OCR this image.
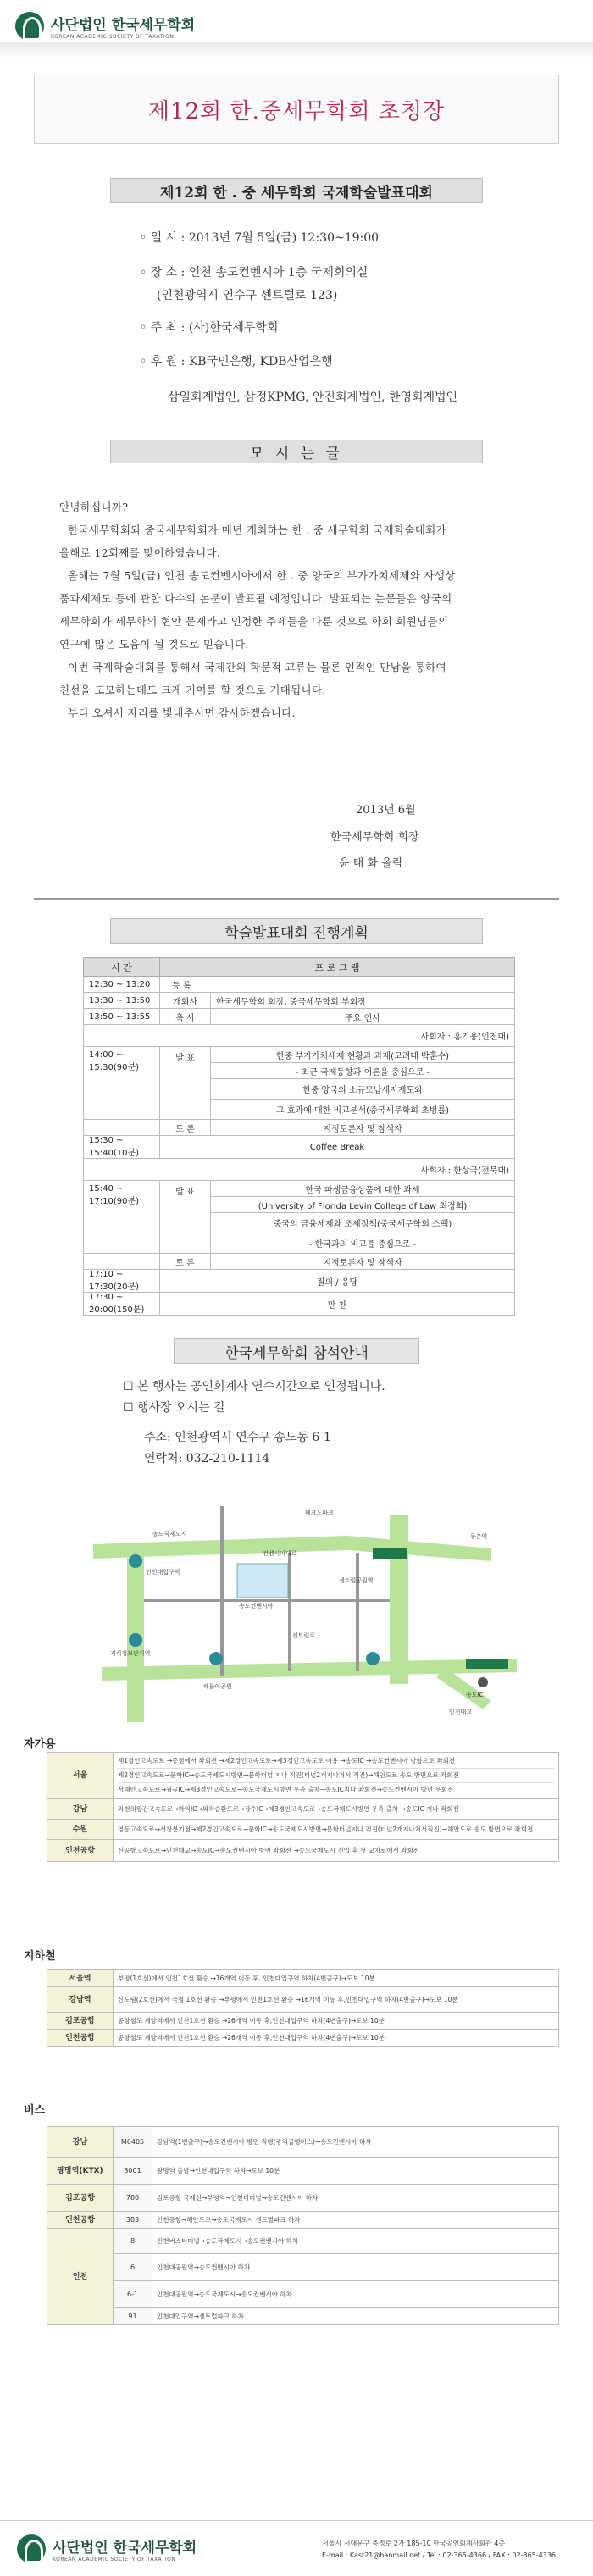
사단법인 한국세무학회
KOREAN ACADEMIC SOCIETY OF TAXATION
제12회 한.중세무학회 초청장
제12회 한 . 중 세무학회 국제학술발표대회
◦ 일 시 : 2013년 7월 5일(금) 12:30~19:00
◦ 장 소 : 인천 송도컨벤시아 1층 국제회의실
(인천광역시 연수구 센트럴로 123)
◦ 주 최 : (사)한국세무학회
◦ 후 원 : KB국민은행, KDB산업은행
삼일회계법인, 삼정KPMG, 안진회계법인, 한영회계법인
모 시 는 글
안녕하십니까?
한국세무학회와 중국세무학회가 매년 개최하는 한 . 중 세무학회 국제학술대회가
올해로 12회째를 맞이하였습니다.
올해는 7월 5일(금) 인천 송도컨벤시아에서 한 . 중 양국의 부가가치세제와 사생상
품과세제도 등에 관한 다수의 논문이 발표될 예정입니다. 발표되는 논문들은 양국의
세무학회가 세무학의 현안 문제라고 인정한 주제들을 다룬 것으로 학회 회원님들의
연구에 많은 도움이 될 것으로 믿습니다.
이번 국제학술대회를 통해서 국제간의 학문적 교류는 물론 인적인 만남을 통하여
친선을 도모하는데도 크게 기여를 할 것으로 기대됩니다.
부디 오셔서 자리를 빛내주시면 감사하겠습니다.
2013년 6월
한국세무학회 회장
윤 태 화 올림
학술발표대회 진행계획
시 간	프 로 그 램	
12:30 ~ 13:20	등 록	
13:30 ~ 13:50	개회사	한국세무학회 회장, 중국세무학회 부회장
13:50 ~ 13:55	축 사	주요 인사
사회자 : 홍기용(인천대)		
14:00 ~ 15:30(90분)	발 표	한중 부가가치세제 현황과 과제(고려대 박훈수)
		- 최근 국제동향과 이론을 중심으로 -
		한중 양국의 소규모납세자제도와
		그 효과에 대한 비교분석(중국세무학회 초빙률)
	토 론	지정토론자 및 참석자
15:30 ~ 15:40(10분)	Coffee Break	
사회자 : 한상국(전북대)		
15:40 ~ 17:10(90분)	발 표	한국 파생금융상품에 대한 과세
		(University of Florida Levin College of Law 최정희)
		중국의 금융세제와 조세정책(중국세무학회 스팩)
		- 한국과의 비교를 중심으로 -
	토 론	지정토론자 및 참석자
17:10 ~ 17:30(20분)	질의 / 응답	
17:30 ~ 20:00(150분)	만 찬	
한국세무학회 참석안내
☐ 본 행사는 공인회계사 연수시간으로 인정됩니다.
☐ 행사장 오시는 길
주소: 인천광역시 연수구 송도동 6-1
연락처: 032-210-1114
송도국제도시
인천대입구역
테크노파크
센트럴공원역
송도컨벤시아
지식정보단지역
송도IC
컨벤시아대로
센트럴로
인천대교
해돋이공원
동춘역
자가용
서울	제1경인고속도로 →종점에서 좌회전 →제2경인고속도로→제3경인고속도로 이용 →송도IC →송도컨벤시아 방향으로 좌회전
제2경인고속도로→문학IC→송도국제도시방면→문학터널 지나 직진(터널2개지나쳐서 직진)→해안도로 송도 방면으로 좌회전
서해안고속도로→월곶IC→제3경인고속도로→송도국제도시방면 우측 출차→송도IC지나 좌회전→송도컨벤시아 방면 우회전

강남	과천의왕간고속도로→학익IC→외곽순환도로→장수IC→제3경인고속도로→송도국제도시방면 우측 출차 →송도IC 지나 좌회전
수원	영동고속도로→서창분기점→제2경인고속도로→문학IC→송도국제도시방면→문학터널지나 직진(터널2개지나쳐서직진)→해안도로 송도 방면으로 좌회전
인천공항	신공항고속도로→인천대교→송도IC→송도컨벤시아 방면 좌회전 →송도국제도시 진입 후 첫 교차로에서 좌회전
지하철
서울역	부평(1호선)에서 인천1호선 환승 →16개역 이동 후, 인천대입구역 하차(4번출구)→도보 10분
강남역	신도림(2호선)에서 국철 1호선 환승 →부평에서 인천1호선 환승 →16개역 이동 후,인천대입구역 하차(4번출구)→도보 10분
김포공항	공항철도 계양역에서 인천1호선 환승 →26개역 이동 후,인천대입구역 하차(4번출구)→도보 10분
인천공항	공항철도 계양역에서 인천1호선 환승 →26개역 이동 후,인천대입구역 하차(4번출구)→도보 10분
버스
강남	M6405	강남역(1번출구)→송도컨벤시아 방면 직행(광역급행버스)→송도컨벤시아 하차
광명역(KTX)	3001	광명역 출발→인천대입구역 하차→도보 10분
김포공항	780	김포공항 국제선→부평역→인천터미널→송도컨벤시아 하차
인천공항	303	인천공항→해안도로→송도국제도시 센트럴파크 하차
인천	8	인천버스터미널→송도국제도시→송도컨벤시아 하차
	6	인천대공원역→송도컨벤시아 하차
	6-1	인천대공원역→송도국제도시→송도컨벤시아 하차
	91	인천대입구역→센트럴파크 하차
사단법인 한국세무학회
KOREAN ACADEMIC SOCIETY OF TAXATION
서울시 서대문구 충정로 2가 185-10 한국공인회계사회관 4층
E-mail : Kast21@hanmail.net / Tel : 02-365-4366 / FAX : 02-365-4336
